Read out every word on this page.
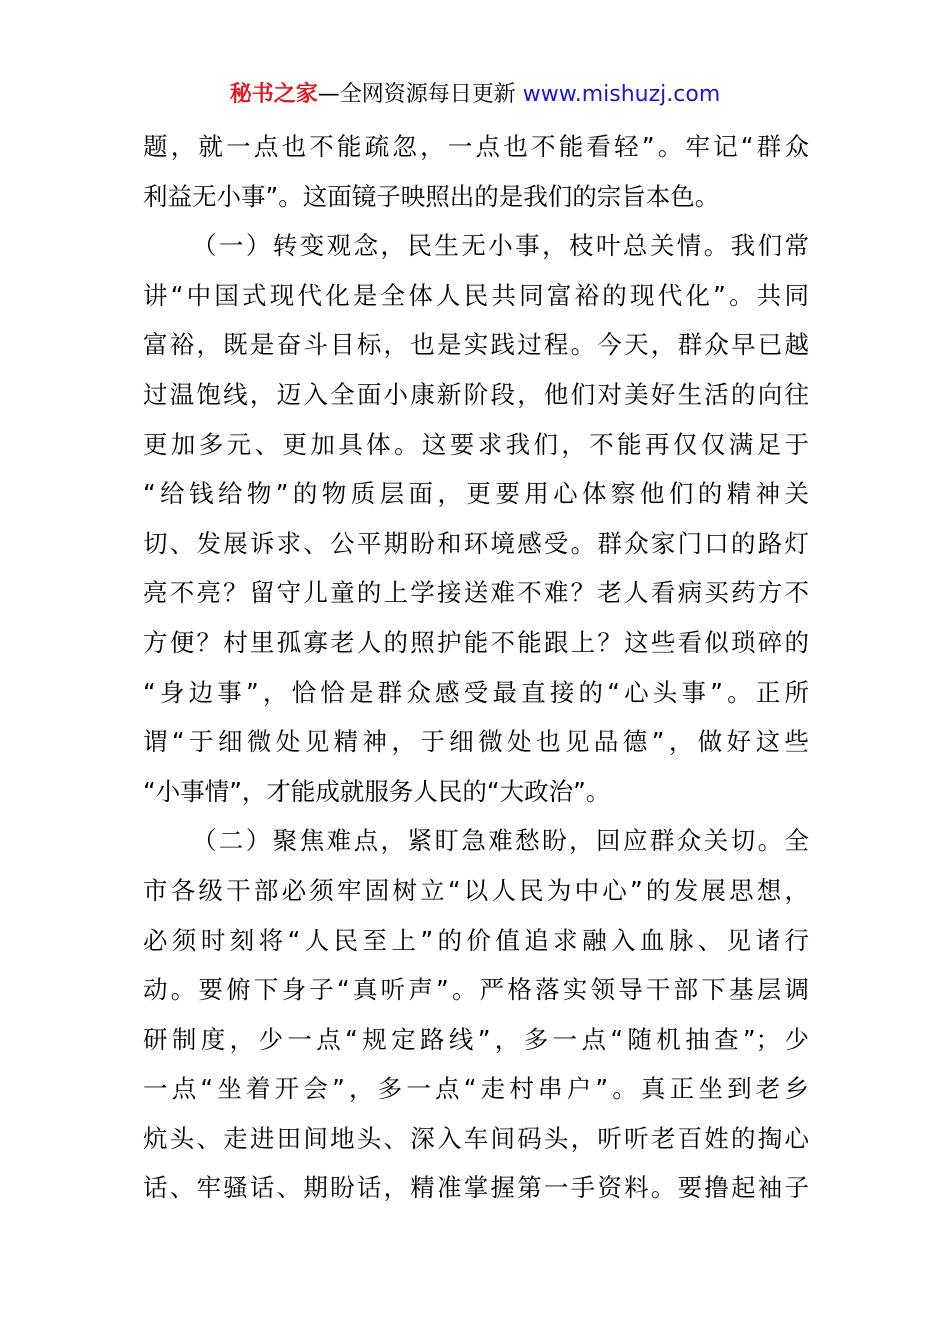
秘书之家—全网资源每日更新 www.mishuzj.com
题，就一点也不能疏忽，一点也不能看轻”。牢记“群众
利益无小事”。这面镜子映照出的是我们的宗旨本色。
（一）转变观念，民生无小事，枝叶总关情。我们常
讲“中国式现代化是全体人民共同富裕的现代化”。共同
富裕，既是奋斗目标，也是实践过程。今天，群众早已越
过温饱线，迈入全面小康新阶段，他们对美好生活的向往
更加多元、更加具体。这要求我们，不能再仅仅满足于
“给钱给物”的物质层面，更要用心体察他们的精神关
切、发展诉求、公平期盼和环境感受。群众家门口的路灯
亮不亮？留守儿童的上学接送难不难？老人看病买药方不
方便？村里孤寡老人的照护能不能跟上？这些看似琐碎的
“身边事”，恰恰是群众感受最直接的“心头事”。正所
谓“于细微处见精神，于细微处也见品德”，做好这些
“小事情”，才能成就服务人民的“大政治”。
（二）聚焦难点，紧盯急难愁盼，回应群众关切。全
市各级干部必须牢固树立“以人民为中心”的发展思想，
必须时刻将“人民至上”的价值追求融入血脉、见诸行
动。要俯下身子“真听声”。严格落实领导干部下基层调
研制度，少一点“规定路线”，多一点“随机抽查”；少
一点“坐着开会”，多一点“走村串户”。真正坐到老乡
炕头、走进田间地头、深入车间码头，听听老百姓的掏心
话、牢骚话、期盼话，精准掌握第一手资料。要撸起袖子
